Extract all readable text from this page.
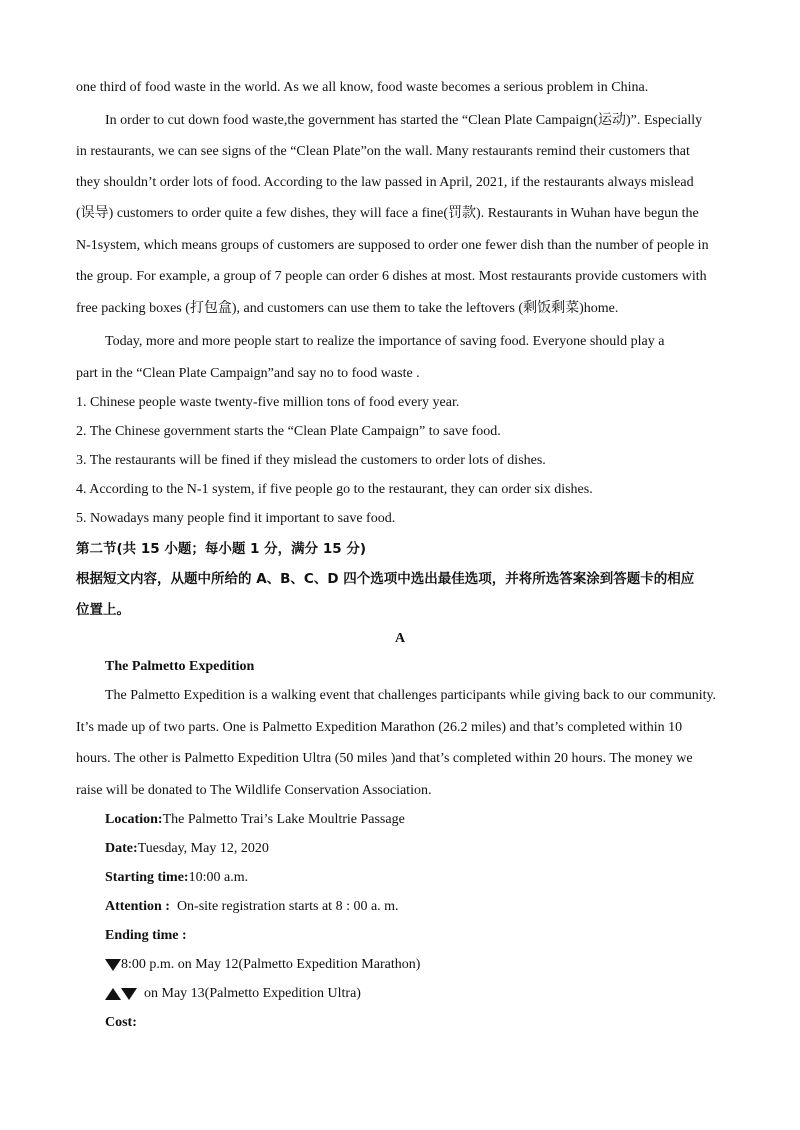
one third of food waste in the world. As we all know, food waste becomes a serious problem in China.
In order to cut down food waste,the government has started the “Clean Plate Campaign(运动)”. Especially
in restaurants, we can see signs of the “Clean Plate”on the wall. Many restaurants remind their customers that
they shouldn’t order lots of food. According to the law passed in April, 2021, if the restaurants always mislead
(误导) customers to order quite a few dishes, they will face a fine(罚款). Restaurants in Wuhan have begun the
N-1system, which means groups of customers are supposed to order one fewer dish than the number of people in
the group. For example, a group of 7 people can order 6 dishes at most. Most restaurants provide customers with
free packing boxes (打包盒), and customers can use them to take the leftovers (剩饭剩菜)home.
Today, more and more people start to realize the importance of saving food. Everyone should play a
part in the “Clean Plate Campaign”and say no to food waste .
1. Chinese people waste twenty-five million tons of food every year.
2. The Chinese government starts the “Clean Plate Campaign” to save food.
3. The restaurants will be fined if they mislead the customers to order lots of dishes.
4. According to the N-1 system, if five people go to the restaurant, they can order six dishes.
5. Nowadays many people find it important to save food.
第二节(共 15 小题；每小题 1 分，满分 15 分)
根据短文内容，从题中所给的 A、B、C、D 四个选项中选出最佳选项，并将所选答案涂到答题卡的相应
位置上。
A
The Palmetto Expedition
The Palmetto Expedition is a walking event that challenges participants while giving back to our community.
It’s made up of two parts. One is Palmetto Expedition Marathon (26.2 miles) and that’s completed within 10
hours. The other is Palmetto Expedition Ultra (50 miles )and that’s completed within 20 hours. The money we
raise will be donated to The Wildlife Conservation Association.
Location:The Palmetto Trai’s Lake Moultrie Passage
Date:Tuesday, May 12, 2020
Starting time:10:00 a.m.
Attention : On-site registration starts at 8 : 00 a. m.
Ending time :
8:00 p.m. on May 12(Palmetto Expedition Marathon)
on May 13(Palmetto Expedition Ultra)
Cost:
